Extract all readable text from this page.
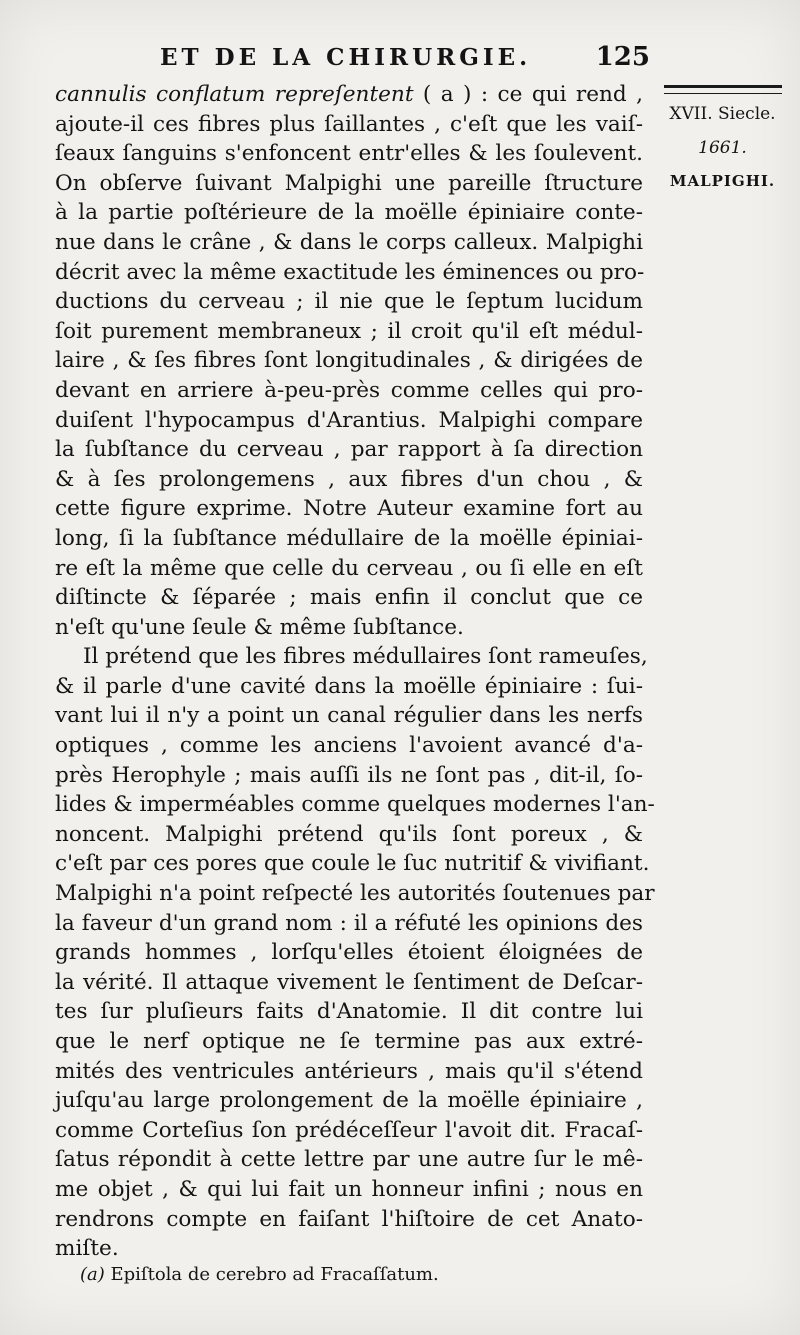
ET DE LA CHIRURGIE. 125
XVII. Siecle.
1661.
MALPIGHI.
cannulis conflatum repreſentent ( a ) : ce qui rend ,
ajoute-il ces fibres plus ſaillantes , c'eſt que les vaiſ-
ſeaux ſanguins s'enfoncent entr'elles & les ſoulevent.
On obſerve ſuivant Malpighi une pareille ſtructure
à la partie poſtérieure de la moëlle épiniaire conte-
nue dans le crâne , & dans le corps calleux. Malpighi
décrit avec la même exactitude les éminences ou pro-
ductions du cerveau ; il nie que le ſeptum lucidum
ſoit purement membraneux ; il croit qu'il eſt médul-
laire , & ſes fibres ſont longitudinales , & dirigées de
devant en arriere à-peu-près comme celles qui pro-
duiſent l'hypocampus d'Arantius. Malpighi compare
la ſubſtance du cerveau , par rapport à ſa direction
& à ſes prolongemens , aux fibres d'un chou , &
cette figure exprime. Notre Auteur examine fort au
long, ſi la ſubſtance médullaire de la moëlle épiniai-
re eſt la même que celle du cerveau , ou ſi elle en eſt
diſtincte & ſéparée ; mais enfin il conclut que ce
n'eſt qu'une ſeule & même ſubſtance.
Il prétend que les fibres médullaires ſont rameuſes,
& il parle d'une cavité dans la moëlle épiniaire : ſui-
vant lui il n'y a point un canal régulier dans les nerfs
optiques , comme les anciens l'avoient avancé d'a-
près Herophyle ; mais auſſi ils ne ſont pas , dit-il, ſo-
lides & imperméables comme quelques modernes l'an-
noncent. Malpighi prétend qu'ils ſont poreux , &
c'eſt par ces pores que coule le ſuc nutritif & vivifiant.
Malpighi n'a point reſpecté les autorités ſoutenues par
la faveur d'un grand nom : il a réfuté les opinions des
grands hommes , lorſqu'elles étoient éloignées de
la vérité. Il attaque vivement le ſentiment de Deſcar-
tes ſur pluſieurs faits d'Anatomie. Il dit contre lui
que le nerf optique ne ſe termine pas aux extré-
mités des ventricules antérieurs , mais qu'il s'étend
juſqu'au large prolongement de la moëlle épiniaire ,
comme Corteſius ſon prédéceſſeur l'avoit dit. Fracaſ-
ſatus répondit à cette lettre par une autre ſur le mê-
me objet , & qui lui fait un honneur infini ; nous en
rendrons compte en faiſant l'hiſtoire de cet Anato-
miſte.
(a) Epiſtola de cerebro ad Fracaſſatum.
